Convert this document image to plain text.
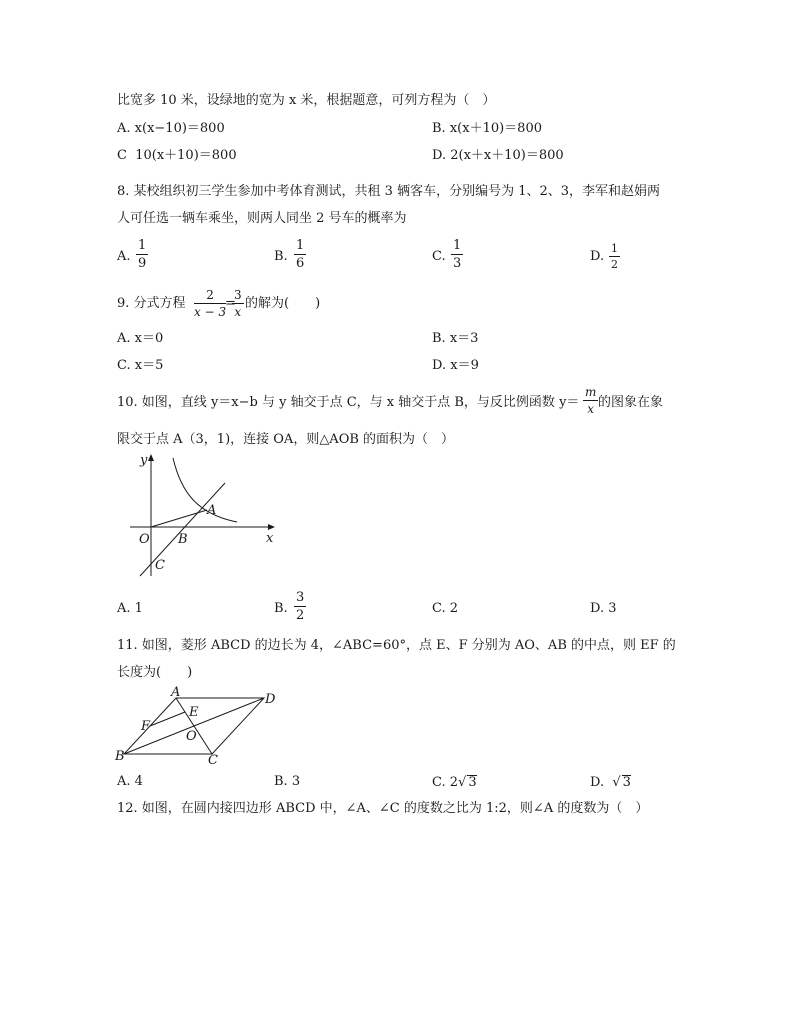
比宽多 10 米，设绿地的宽为 x 米，根据题意，可列方程为（　）
A. x(x−10)＝800	B. x(x＋10)＝800
C 10(x＋10)＝800	D. 2(x＋x＋10)＝800
8. 某校组织初三学生参加中考体育测试，共租 3 辆客车，分别编号为 1、2、3，李军和赵娟两
人可任选一辆车乘坐，则两人同坐 2 号车的概率为
A. $\frac{1}{9}$	B. $\frac{1}{6}$	C. $\frac{1}{3}$	D. $\frac{1}{2}$
9. 分式方程 $\frac{2}{x - 3}$
=
$\frac{3}{x}$ 的解为(　　)
A. x＝0	B. x＝3
C. x＝5	D. x＝9
10. 如图，直线 y＝x−b 与 y 轴交于点 C，与 x 轴交于点 B，与反比例函数 $y= \frac{m}{x}$ 的图象在象
限交于点 A（3，1)，连接 OA，则△AOB 的面积为（　）
y
x
O
A
B
C
A. 1	B. $\frac{3}{2}$	C. 2	D. 3
11. 如图，菱形 ABCD 的边长为 4，∠ABC=60°，点 E、F 分别为 AO、AB 的中点，则 EF 的
长度为(　　)
A	D
E
F
O
B	C
A. 4	B. 3	C. 2√ 3	D. √ 3
12. 如图，在圆内接四边形 ABCD 中，∠A、∠C 的度数之比为 1:2，则∠A 的度数为（　）
